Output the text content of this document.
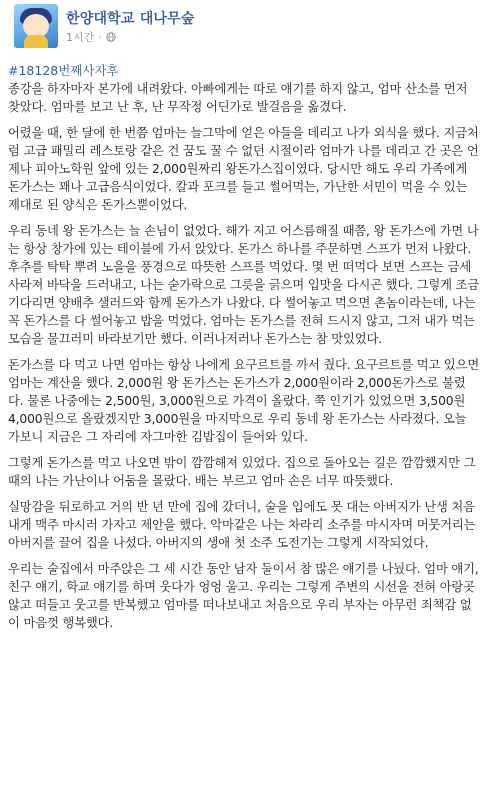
한양대학교 대나무숲
1시간 ·
#18128번째사자후

종강을 하자마자 본가에 내려왔다. 아빠에게는 따로 얘기를 하지 않고, 엄마 산소를 먼저 찾았다. 엄마를 보고 난 후, 난 무작정 어딘가로 발걸음을 옮겼다.

어렸을 때, 한 달에 한 번쯤 엄마는 늘그막에 얻은 아들을 데리고 나가 외식을 했다. 지금처럼 고급 패밀리 레스토랑 같은 건 꿈도 꿀 수 없던 시절이라 엄마가 나를 데리고 간 곳은 언제나 피아노학원 앞에 있는 2,000원짜리 왕돈가스집이였다. 당시만 해도 우리 가족에게 돈가스는 꽤나 고급음식이었다. 칼과 포크를 들고 썰어먹는, 가난한 서민이 먹을 수 있는 제대로 된 양식은 돈가스뿐이었다.

우리 동네 왕 돈가스는 늘 손님이 없었다. 해가 지고 어스름해질 때쯤, 왕 돈가스에 가면 나는 항상 창가에 있는 테이블에 가서 앉았다. 돈가스 하나를 주문하면 스프가 먼저 나왔다. 후추를 탁탁 뿌려 노을을 풍경으로 따뜻한 스프를 먹었다. 몇 번 떠먹다 보면 스프는 금세 사라져 바닥을 드러내고, 나는 숟가락으로 그릇을 긁으며 입맛을 다시곤 했다. 그렇게 조금 기다리면 양배추 샐러드와 함께 돈가스가 나왔다. 다 썰어놓고 먹으면 촌놈이라는데, 나는 꼭 돈가스를 다 썰어놓고 밥을 먹었다. 엄마는 돈가스를 전혀 드시지 않고, 그저 내가 먹는 모습을 물끄러미 바라보기만 했다. 이러나저러나 돈가스는 참 맛있었다.

돈가스를 다 먹고 나면 엄마는 항상 나에게 요구르트를 까서 줬다. 요구르트를 먹고 있으면 엄마는 계산을 했다. 2,000원 왕 돈가스는 돈가스가 2,000원이라 2,000돈가스로 불렸다. 물론 나중에는 2,500원, 3,000원으로 가격이 올랐다. 쭉 인기가 있었으면 3,500원 4,000원으로 올랐겠지만 3,000원을 마지막으로 우리 동네 왕 돈가스는 사라졌다. 오늘 가보니 지금은 그 자리에 자그마한 김밥집이 들어와 있다.

그렇게 돈가스를 먹고 나오면 밖이 깜깜해져 있었다. 집으로 돌아오는 길은 깜깜했지만 그 때의 나는 가난이나 어둠을 몰랐다. 배는 부르고 엄마 손은 너무 따뜻했다.

실망감을 뒤로하고 거의 반 년 만에 집에 갔더니, 술을 입에도 못 대는 아버지가 난생 처음 내게 맥주 마시러 가자고 제안을 했다. 악마같은 나는 차라리 소주를 마시자며 머뭇거리는 아버지를 끌어 집을 나섰다. 아버지의 생애 첫 소주 도전기는 그렇게 시작되었다.

우리는 술집에서 마주앉은 그 세 시간 동안 남자 둘이서 참 많은 얘기를 나눴다. 엄마 얘기, 친구 얘기, 학교 얘기를 하며 웃다가 엉엉 울고. 우리는 그렇게 주변의 시선을 전혀 아랑곳 않고 떠들고 웃고를 반복했고 엄마를 떠나보내고 처음으로 우리 부자는 아무런 죄책감 없이 마음껏 행복했다.
